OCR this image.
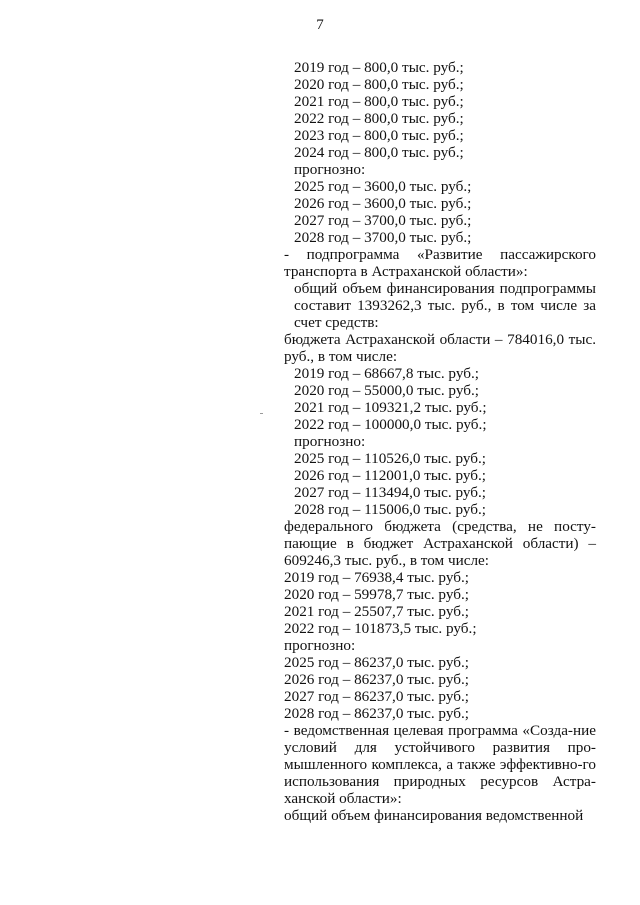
7
2019 год – 800,0 тыс. руб.;
2020 год – 800,0 тыс. руб.;
2021 год – 800,0 тыс. руб.;
2022 год – 800,0 тыс. руб.;
2023 год – 800,0 тыс. руб.;
2024 год – 800,0 тыс. руб.;
прогнозно:
2025 год – 3600,0 тыс. руб.;
2026 год – 3600,0 тыс. руб.;
2027 год – 3700,0 тыс. руб.;
2028 год – 3700,0 тыс. руб.;
- подпрограмма «Развитие пассажирского транспорта в Астраханской области»:
общий объем финансирования подпрограммы составит 1393262,3 тыс. руб., в том числе за счет средств:
бюджета Астраханской области – 784016,0 тыс. руб., в том числе:
2019 год – 68667,8 тыс. руб.;
2020 год – 55000,0 тыс. руб.;
2021 год – 109321,2 тыс. руб.;
2022 год – 100000,0 тыс. руб.;
прогнозно:
2025 год – 110526,0 тыс. руб.;
2026 год – 112001,0 тыс. руб.;
2027 год – 113494,0 тыс. руб.;
2028 год – 115006,0 тыс. руб.;
федерального бюджета (средства, не посту-пающие в бюджет Астраханской области) – 609246,3 тыс. руб., в том числе:
2019 год – 76938,4 тыс. руб.;
2020 год – 59978,7 тыс. руб.;
2021 год – 25507,7 тыс. руб.;
2022 год – 101873,5 тыс. руб.;
прогнозно:
2025 год – 86237,0 тыс. руб.;
2026 год – 86237,0 тыс. руб.;
2027 год – 86237,0 тыс. руб.;
2028 год – 86237,0 тыс. руб.;
- ведомственная целевая программа «Созда-ние условий для устойчивого развития про-мышленного комплекса, а также эффективно-го использования природных ресурсов Астра-ханской области»:
общий объем финансирования ведомственной
